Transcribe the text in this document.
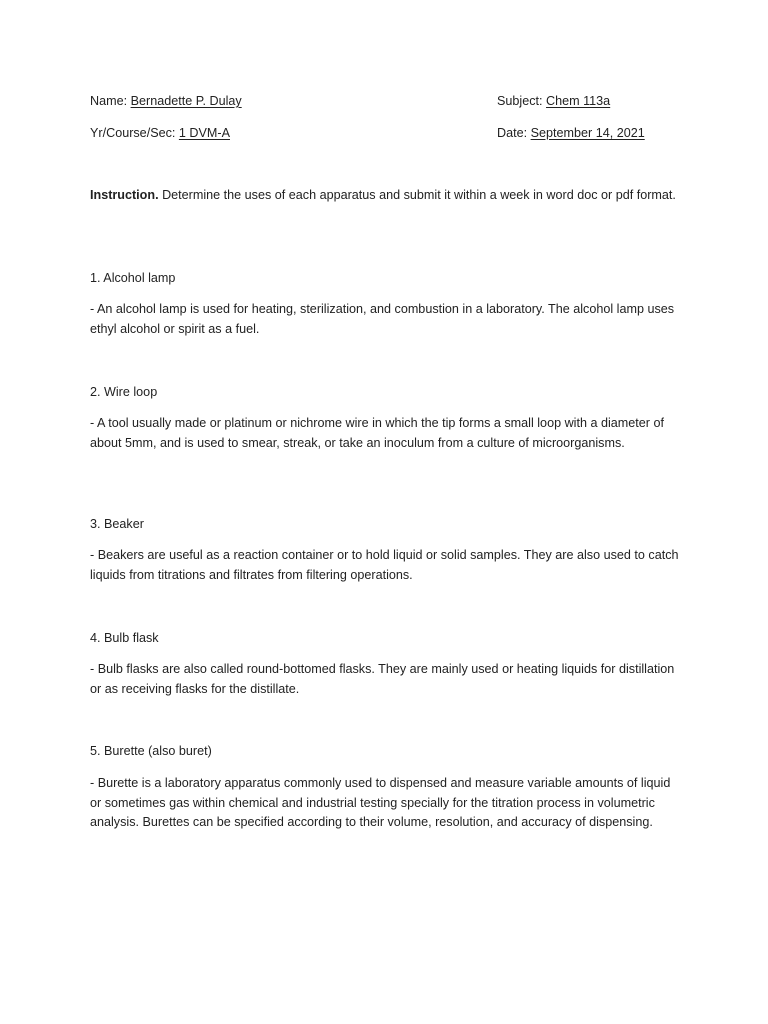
Name: Bernadette P. Dulay	Subject: Chem 113a
Yr/Course/Sec: 1 DVM-A	Date: September 14, 2021
Instruction. Determine the uses of each apparatus and submit it within a week in word doc or pdf format.
1. Alcohol lamp
- An alcohol lamp is used for heating, sterilization, and combustion in a laboratory. The alcohol lamp uses ethyl alcohol or spirit as a fuel.
2. Wire loop
- A tool usually made or platinum or nichrome wire in which the tip forms a small loop with a diameter of about 5mm, and is used to smear, streak, or take an inoculum from a culture of microorganisms.
3. Beaker
- Beakers are useful as a reaction container or to hold liquid or solid samples. They are also used to catch liquids from titrations and filtrates from filtering operations.
4. Bulb flask
- Bulb flasks are also called round-bottomed flasks. They are mainly used or heating liquids for distillation or as receiving flasks for the distillate.
5. Burette (also buret)
- Burette is a laboratory apparatus commonly used to dispensed and measure variable amounts of liquid or sometimes gas within chemical and industrial testing specially for the titration process in volumetric analysis. Burettes can be specified according to their volume, resolution, and accuracy of dispensing.
